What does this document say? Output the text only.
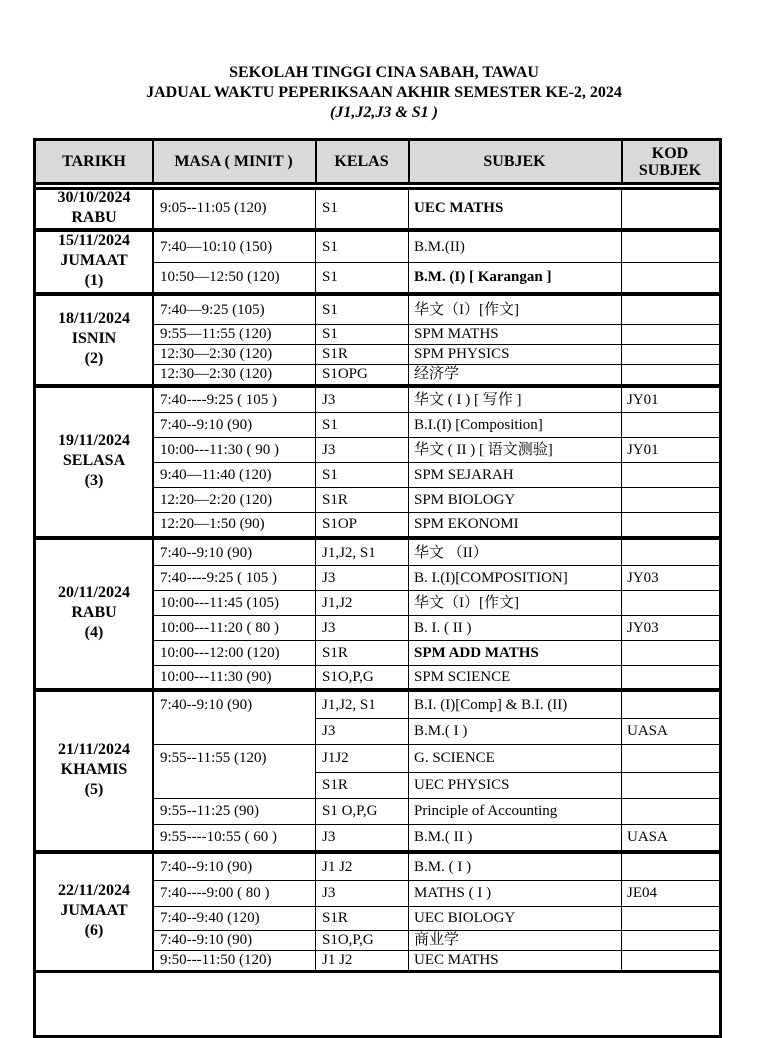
SEKOLAH TINGGI CINA SABAH, TAWAU
JADUAL WAKTU PEPERIKSAAN AKHIR SEMESTER KE-2, 2024
(J1,J2,J3 & S1 )
TARIKH	MASA ( MINIT )	KELAS	SUBJEK	KOD SUBJEK
30/10/2024
RABU
9:05--11:05 (120)	S1	UEC MATHS
15/11/2024
JUMAAT
(1)
7:40—10:10 (150)	S1	B.M.(II)
10:50—12:50 (120)	S1	B.M. (I) [ Karangan ]
18/11/2024
ISNIN
(2)
7:40—9:25 (105)	S1	华文（I）[作文]
9:55—11:55 (120)	S1	SPM MATHS
12:30—2:30 (120)	S1R	SPM PHYSICS
12:30—2:30 (120)	S1OPG	经济学
19/11/2024
SELASA
(3)
7:40----9:25 ( 105 )	J3	华文 ( I ) [ 写作 ]	JY01
7:40--9:10 (90)	S1	B.I.(I) [Composition]
10:00---11:30 ( 90 )	J3	华文 ( II ) [ 语文测验]	JY01
9:40—11:40 (120)	S1	SPM SEJARAH
12:20—2:20 (120)	S1R	SPM BIOLOGY
12:20—1:50 (90)	S1OP	SPM EKONOMI
20/11/2024
RABU
(4)
7:40--9:10 (90)	J1,J2, S1	华文 （II）
7:40----9:25 ( 105 )	J3	B. I.(I)[COMPOSITION]	JY03
10:00---11:45 (105)	J1,J2	华文（I）[作文]
10:00---11:20 ( 80 )	J3	B. I. ( II )	JY03
10:00---12:00 (120)	S1R	SPM ADD MATHS
10:00---11:30 (90)	S1O,P,G	SPM SCIENCE
21/11/2024
KHAMIS
(5)
7:40--9:10 (90)	J1,J2, S1	B.I. (I)[Comp] & B.I. (II)
J3	B.M.( I )	UASA
9:55--11:55 (120)	J1J2	G. SCIENCE
S1R	UEC PHYSICS
9:55--11:25 (90)	S1 O,P,G	Principle of Accounting
9:55----10:55 ( 60 )	J3	B.M.( II )	UASA
22/11/2024
JUMAAT
(6)
7:40--9:10 (90)	J1 J2	B.M. ( I )
7:40----9:00 ( 80 )	J3	MATHS ( I )	JE04
7:40--9:40 (120)	S1R	UEC BIOLOGY
7:40--9:10 (90)	S1O,P,G	商业学
9:50---11:50 (120)	J1 J2	UEC MATHS
